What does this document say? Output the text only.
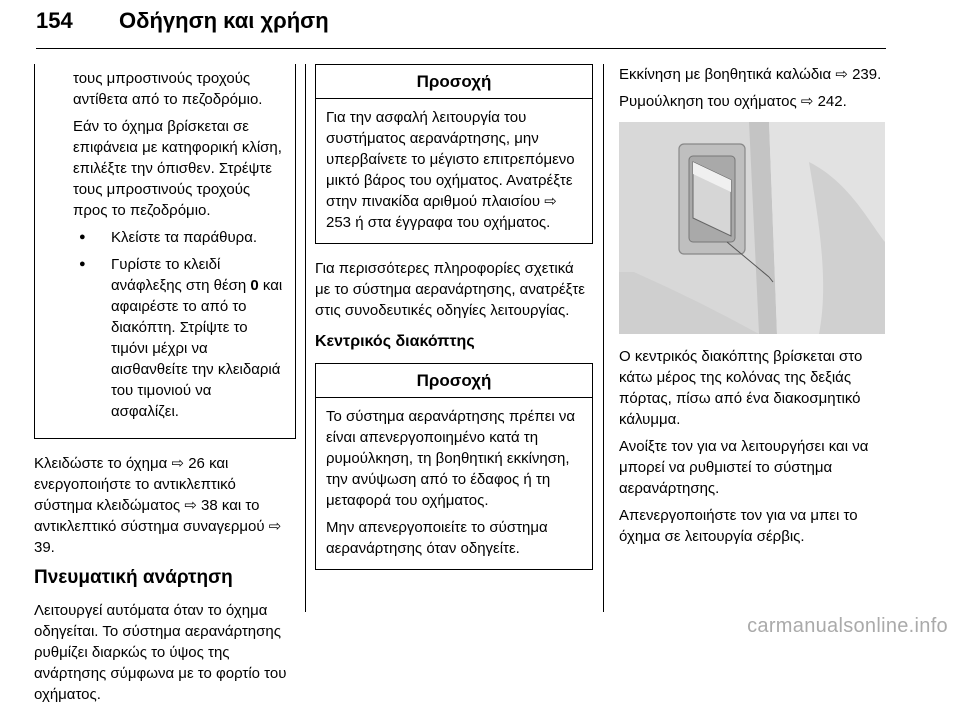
154 Οδήγηση και χρήση

τους μπροστινούς τροχούς αντίθετα από το πεζοδρόμιο.

Εάν το όχημα βρίσκεται σε επιφάνεια με κατηφορική κλίση, επιλέξτε την όπισθεν. Στρέψτε τους μπροστινούς τροχούς προς το πεζοδρόμιο.

● Κλείστε τα παράθυρα.

● Γυρίστε το κλειδί ανάφλεξης στη θέση 0 και αφαιρέστε το από το διακόπτη. Στρίψτε το τιμόνι μέχρι να αισθανθείτε την κλειδαριά του τιμονιού να ασφαλίζει.

Κλειδώστε το όχημα ⇨ 26 και ενεργοποιήστε το αντικλεπτικό σύστημα κλειδώματος ⇨ 38 και το αντικλεπτικό σύστημα συναγερμού ⇨ 39.

Πνευματική ανάρτηση

Λειτουργεί αυτόματα όταν το όχημα οδηγείται. Το σύστημα αερανάρτησης ρυθμίζει διαρκώς το ύψος της ανάρτησης σύμφωνα με το φορτίο του οχήματος.

Προσοχή

Για την ασφαλή λειτουργία του συστήματος αερανάρτησης, μην υπερβαίνετε το μέγιστο επιτρεπόμενο μικτό βάρος του οχήματος. Ανατρέξτε στην πινακίδα αριθμού πλαισίου ⇨ 253 ή στα έγγραφα του οχήματος.

Για περισσότερες πληροφορίες σχετικά με το σύστημα αερανάρτησης, ανατρέξτε στις συνοδευτικές οδηγίες λειτουργίας.

Κεντρικός διακόπτης
Προσοχή

Το σύστημα αερανάρτησης πρέπει να είναι απενεργοποιημένο κατά τη ρυμούλκηση, τη βοηθητική εκκίνηση, την ανύψωση από το έδαφος ή τη μεταφορά του οχήματος.

Μην απενεργοποιείτε το σύστημα αερανάρτησης όταν οδηγείτε.

Εκκίνηση με βοηθητικά καλώδια ⇨ 239.

Ρυμούλκηση του οχήματος ⇨ 242.

Ο κεντρικός διακόπτης βρίσκεται στο κάτω μέρος της κολόνας της δεξιάς πόρτας, πίσω από ένα διακοσμητικό κάλυμμα.

Ανοίξτε τον για να λειτουργήσει και να μπορεί να ρυθμιστεί το σύστημα αερανάρτησης.

Απενεργοποιήστε τον για να μπει το όχημα σε λειτουργία σέρβις.

carmanualsonline.info
